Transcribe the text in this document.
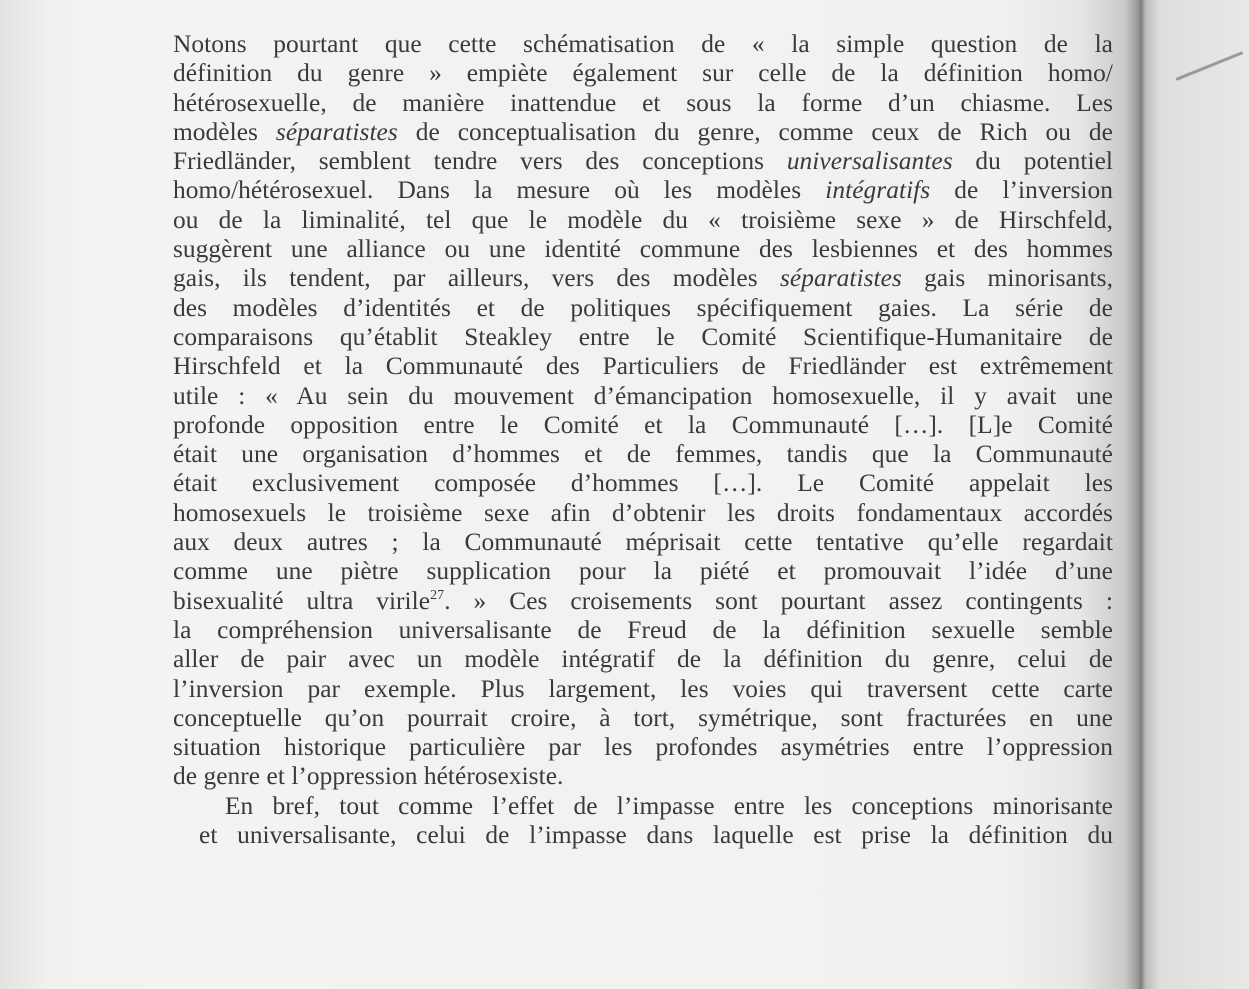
Notons pourtant que cette schématisation de « la simple question de la
définition du genre » empiète également sur celle de la définition homo/
hétérosexuelle, de manière inattendue et sous la forme d’un chiasme. Les
modèles séparatistes de conceptualisation du genre, comme ceux de Rich ou de
Friedländer, semblent tendre vers des conceptions universalisantes du potentiel
homo/hétérosexuel. Dans la mesure où les modèles intégratifs de l’inversion
ou de la liminalité, tel que le modèle du « troisième sexe » de Hirschfeld,
suggèrent une alliance ou une identité commune des lesbiennes et des hommes
gais, ils tendent, par ailleurs, vers des modèles séparatistes gais minorisants,
des modèles d’identités et de politiques spécifiquement gaies. La série de
comparaisons qu’établit Steakley entre le Comité Scientifique-Humanitaire de
Hirschfeld et la Communauté des Particuliers de Friedländer est extrêmement
utile : « Au sein du mouvement d’émancipation homosexuelle, il y avait une
profonde opposition entre le Comité et la Communauté […]. [L]e Comité
était une organisation d’hommes et de femmes, tandis que la Communauté
était exclusivement composée d’hommes […]. Le Comité appelait les
homosexuels le troisième sexe afin d’obtenir les droits fondamentaux accordés
aux deux autres ; la Communauté méprisait cette tentative qu’elle regardait
comme une piètre supplication pour la piété et promouvait l’idée d’une
bisexualité ultra virile$^{27}$. » Ces croisements sont pourtant assez contingents :
la compréhension universalisante de Freud de la définition sexuelle semble
aller de pair avec un modèle intégratif de la définition du genre, celui de
l’inversion par exemple. Plus largement, les voies qui traversent cette carte
conceptuelle qu’on pourrait croire, à tort, symétrique, sont fracturées en une
situation historique particulière par les profondes asymétries entre l’oppression
de genre et l’oppression hétérosexiste.

En bref, tout comme l’effet de l’impasse entre les conceptions minorisante
et universalisante, celui de l’impasse dans laquelle est prise la définition du
